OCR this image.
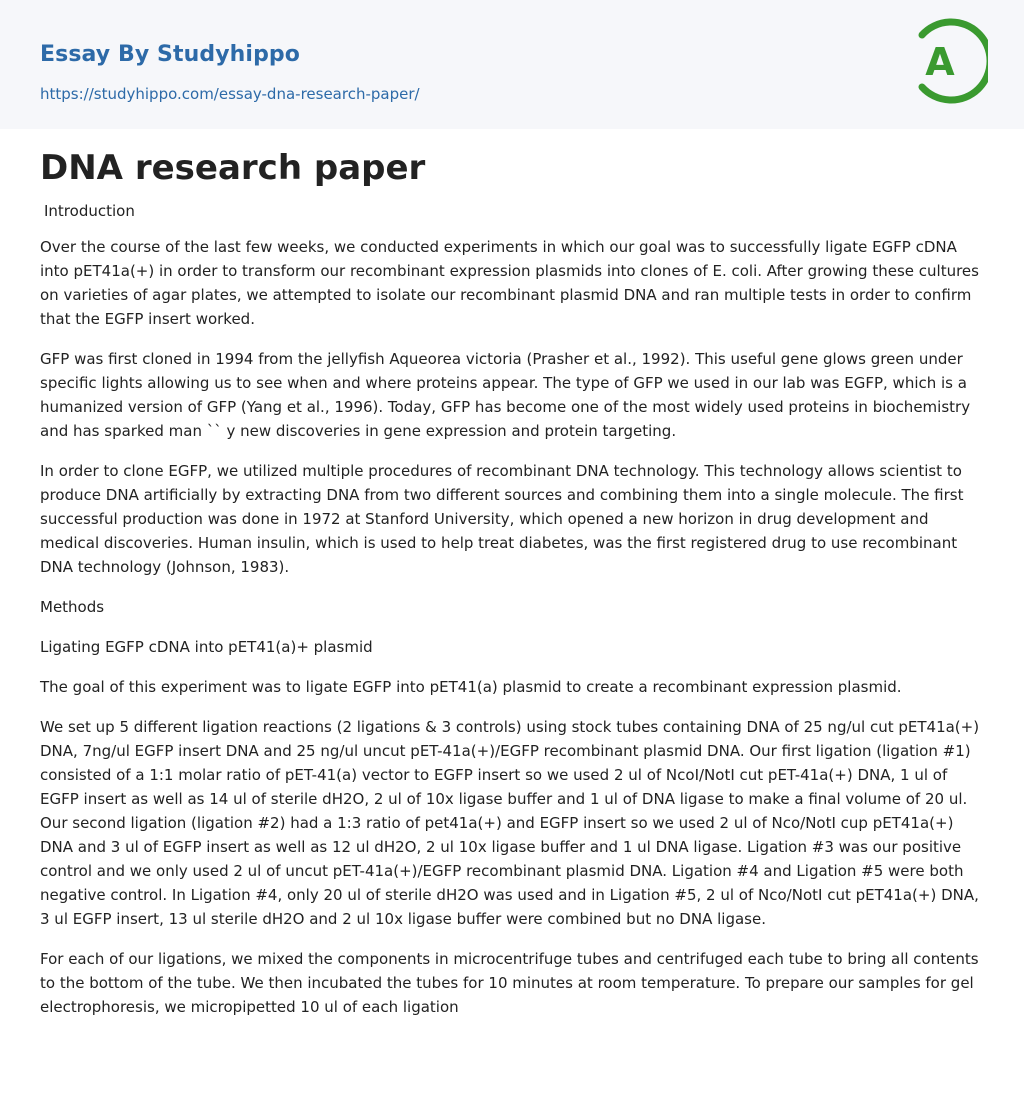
Essay By Studyhippo
https://studyhippo.com/essay-dna-research-paper/
A
DNA research paper
Introduction

Over the course of the last few weeks, we conducted experiments in which our goal was to successfully ligate EGFP cDNA into pET41a(+) in order to transform our recombinant expression plasmids into clones of E. coli. After growing these cultures on varieties of agar plates, we attempted to isolate our recombinant plasmid DNA and ran multiple tests in order to confirm that the EGFP insert worked.

GFP was first cloned in 1994 from the jellyfish Aqueorea victoria (Prasher et al., 1992). This useful gene glows green under specific lights allowing us to see when and where proteins appear. The type of GFP we used in our lab was EGFP, which is a humanized version of GFP (Yang et al., 1996). Today, GFP has become one of the most widely used proteins in biochemistry and has sparked man `` y new discoveries in gene expression and protein targeting.

In order to clone EGFP, we utilized multiple procedures of recombinant DNA technology. This technology allows scientist to produce DNA artificially by extracting DNA from two different sources and combining them into a single molecule. The first successful production was done in 1972 at Stanford University, which opened a new horizon in drug development and medical discoveries. Human insulin, which is used to help treat diabetes, was the first registered drug to use recombinant DNA technology (Johnson, 1983).

Methods

Ligating EGFP cDNA into pET41(a)+ plasmid

The goal of this experiment was to ligate EGFP into pET41(a) plasmid to create a recombinant expression plasmid.

We set up 5 different ligation reactions (2 ligations & 3 controls) using stock tubes containing DNA of 25 ng/ul cut pET41a(+) DNA, 7ng/ul EGFP insert DNA and 25 ng/ul uncut pET-41a(+)/EGFP recombinant plasmid DNA. Our first ligation (ligation #1) consisted of a 1:1 molar ratio of pET-41(a) vector to EGFP insert so we used 2 ul of NcoI/NotI cut pET-41a(+) DNA, 1 ul of EGFP insert as well as 14 ul of sterile dH2O, 2 ul of 10x ligase buffer and 1 ul of DNA ligase to make a final volume of 20 ul. Our second ligation (ligation #2) had a 1:3 ratio of pet41a(+) and EGFP insert so we used 2 ul of Nco/NotI cup pET41a(+) DNA and 3 ul of EGFP insert as well as 12 ul dH2O, 2 ul 10x ligase buffer and 1 ul DNA ligase. Ligation #3 was our positive control and we only used 2 ul of uncut pET-41a(+)/EGFP recombinant plasmid DNA. Ligation #4 and Ligation #5 were both negative control. In Ligation #4, only 20 ul of sterile dH2O was used and in Ligation #5, 2 ul of Nco/NotI cut pET41a(+) DNA, 3 ul EGFP insert, 13 ul sterile dH2O and 2 ul 10x ligase buffer were combined but no DNA ligase.

For each of our ligations, we mixed the components in microcentrifuge tubes and centrifuged each tube to bring all contents to the bottom of the tube. We then incubated the tubes for 10 minutes at room temperature. To prepare our samples for gel electrophoresis, we micropipetted 10 ul of each ligation
